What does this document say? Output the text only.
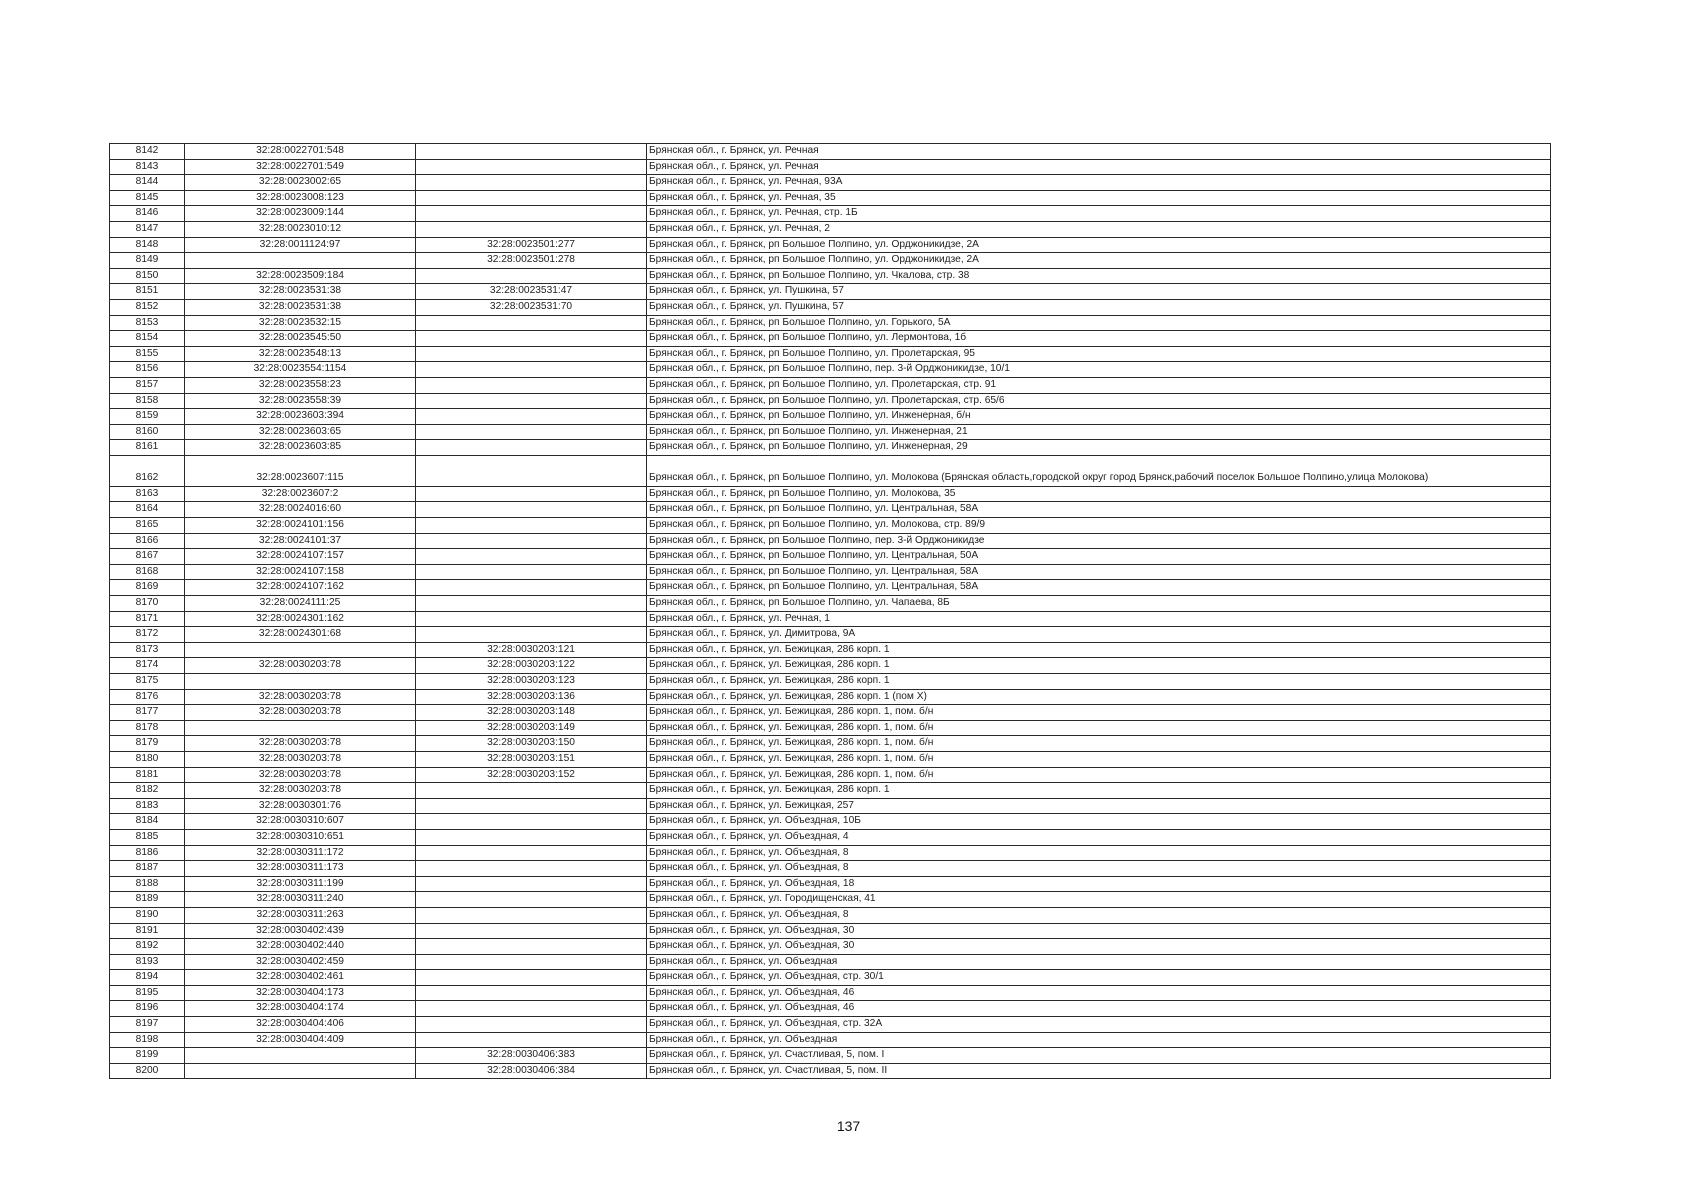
8142	32:28:0022701:548		Брянская обл., г. Брянск, ул. Речная
8143	32:28:0022701:549		Брянская обл., г. Брянск, ул. Речная
8144	32:28:0023002:65		Брянская обл., г. Брянск, ул. Речная, 93А
8145	32:28:0023008:123		Брянская обл., г. Брянск, ул. Речная, 35
8146	32:28:0023009:144		Брянская обл., г. Брянск, ул. Речная, стр. 1Б
8147	32:28:0023010:12		Брянская обл., г. Брянск, ул. Речная, 2
8148	32:28:0011124:97	32:28:0023501:277	Брянская обл., г. Брянск, рп Большое Полпино, ул. Орджоникидзе, 2А
8149		32:28:0023501:278	Брянская обл., г. Брянск, рп Большое Полпино, ул. Орджоникидзе, 2А
8150	32:28:0023509:184		Брянская обл., г. Брянск, рп Большое Полпино, ул. Чкалова, стр. 38
8151	32:28:0023531:38	32:28:0023531:47	Брянская обл., г. Брянск, ул. Пушкина, 57
8152	32:28:0023531:38	32:28:0023531:70	Брянская обл., г. Брянск, ул. Пушкина, 57
8153	32:28:0023532:15		Брянская обл., г. Брянск, рп Большое Полпино, ул. Горького, 5А
8154	32:28:0023545:50		Брянская обл., г. Брянск, рп Большое Полпино, ул. Лермонтова, 1б
8155	32:28:0023548:13		Брянская обл., г. Брянск, рп Большое Полпино, ул. Пролетарская, 95
8156	32:28:0023554:1154		Брянская обл., г. Брянск, рп Большое Полпино, пер. 3-й Орджоникидзе, 10/1
8157	32:28:0023558:23		Брянская обл., г. Брянск, рп Большое Полпино, ул. Пролетарская, стр. 91
8158	32:28:0023558:39		Брянская обл., г. Брянск, рп Большое Полпино, ул. Пролетарская, стр. 65/6
8159	32:28:0023603:394		Брянская обл., г. Брянск, рп Большое Полпино, ул. Инженерная, б/н
8160	32:28:0023603:65		Брянская обл., г. Брянск, рп Большое Полпино, ул. Инженерная, 21
8161	32:28:0023603:85		Брянская обл., г. Брянск, рп Большое Полпино, ул. Инженерная, 29
8162	32:28:0023607:115		Брянская обл., г. Брянск, рп Большое Полпино, ул. Молокова (Брянская область,городской округ город Брянск,рабочий поселок Большое Полпино,улица Молокова)
8163	32:28:0023607:2		Брянская обл., г. Брянск, рп Большое Полпино, ул. Молокова, 35
8164	32:28:0024016:60		Брянская обл., г. Брянск, рп Большое Полпино, ул. Центральная, 58А
8165	32:28:0024101:156		Брянская обл., г. Брянск, рп Большое Полпино, ул. Молокова, стр. 89/9
8166	32:28:0024101:37		Брянская обл., г. Брянск, рп Большое Полпино, пер. 3-й Орджоникидзе
8167	32:28:0024107:157		Брянская обл., г. Брянск, рп Большое Полпино, ул. Центральная, 50А
8168	32:28:0024107:158		Брянская обл., г. Брянск, рп Большое Полпино, ул. Центральная, 58А
8169	32:28:0024107:162		Брянская обл., г. Брянск, рп Большое Полпино, ул. Центральная, 58А
8170	32:28:0024111:25		Брянская обл., г. Брянск, рп Большое Полпино, ул. Чапаева, 8Б
8171	32:28:0024301:162		Брянская обл., г. Брянск, ул. Речная, 1
8172	32:28:0024301:68		Брянская обл., г. Брянск, ул. Димитрова, 9А
8173		32:28:0030203:121	Брянская обл., г. Брянск, ул. Бежицкая, 286 корп. 1
8174	32:28:0030203:78	32:28:0030203:122	Брянская обл., г. Брянск, ул. Бежицкая, 286 корп. 1
8175		32:28:0030203:123	Брянская обл., г. Брянск, ул. Бежицкая, 286 корп. 1
8176	32:28:0030203:78	32:28:0030203:136	Брянская обл., г. Брянск, ул. Бежицкая, 286 корп. 1 (пом X)
8177	32:28:0030203:78	32:28:0030203:148	Брянская обл., г. Брянск, ул. Бежицкая, 286 корп. 1, пом. б/н
8178		32:28:0030203:149	Брянская обл., г. Брянск, ул. Бежицкая, 286 корп. 1, пом. б/н
8179	32:28:0030203:78	32:28:0030203:150	Брянская обл., г. Брянск, ул. Бежицкая, 286 корп. 1, пом. б/н
8180	32:28:0030203:78	32:28:0030203:151	Брянская обл., г. Брянск, ул. Бежицкая, 286 корп. 1, пом. б/н
8181	32:28:0030203:78	32:28:0030203:152	Брянская обл., г. Брянск, ул. Бежицкая, 286 корп. 1, пом. б/н
8182	32:28:0030203:78		Брянская обл., г. Брянск, ул. Бежицкая, 286 корп. 1
8183	32:28:0030301:76		Брянская обл., г. Брянск, ул. Бежицкая, 257
8184	32:28:0030310:607		Брянская обл., г. Брянск, ул. Объездная, 10Б
8185	32:28:0030310:651		Брянская обл., г. Брянск, ул. Объездная, 4
8186	32:28:0030311:172		Брянская обл., г. Брянск, ул. Объездная, 8
8187	32:28:0030311:173		Брянская обл., г. Брянск, ул. Объездная, 8
8188	32:28:0030311:199		Брянская обл., г. Брянск, ул. Объездная, 18
8189	32:28:0030311:240		Брянская обл., г. Брянск, ул. Городищенская, 41
8190	32:28:0030311:263		Брянская обл., г. Брянск, ул. Объездная, 8
8191	32:28:0030402:439		Брянская обл., г. Брянск, ул. Объездная, 30
8192	32:28:0030402:440		Брянская обл., г. Брянск, ул. Объездная, 30
8193	32:28:0030402:459		Брянская обл., г. Брянск, ул. Объездная
8194	32:28:0030402:461		Брянская обл., г. Брянск, ул. Объездная, стр. 30/1
8195	32:28:0030404:173		Брянская обл., г. Брянск, ул. Объездная, 46
8196	32:28:0030404:174		Брянская обл., г. Брянск, ул. Объездная, 46
8197	32:28:0030404:406		Брянская обл., г. Брянск, ул. Объездная, стр. 32А
8198	32:28:0030404:409		Брянская обл., г. Брянск, ул. Объездная
8199		32:28:0030406:383	Брянская обл., г. Брянск, ул. Счастливая, 5, пом. I
8200		32:28:0030406:384	Брянская обл., г. Брянск, ул. Счастливая, 5, пом. II
137
